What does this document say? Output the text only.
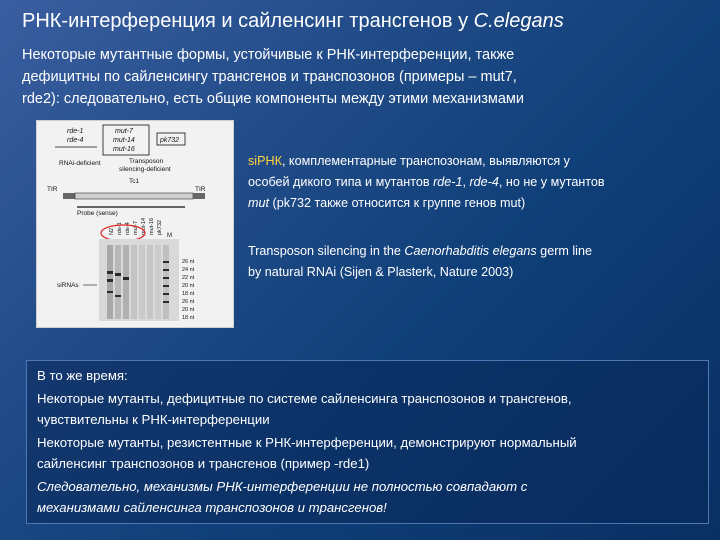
РНК-интерференция и сайленсинг трансгенов у C.elegans
Некоторые мутантные формы, устойчивые к РНК-интерференции, также
дефицитны по сайленсингу трансгенов и транспозонов (примеры – mut7,
rde2): следовательно, есть общие компоненты между этими механизмами
rde-1
rde-4
mut-7
mut-14
mut-16
pk732
RNAi-deficient	Transposon
silencing-deficient
TIR	TIR
Tc1
Probe (sense)
N2 rde-1 rde-4 mut-7 mut-14 mut-16 pk732
M
siRNAs
26 nt
24 nt
22 nt
20 nt
18 nt
26 nt
20 nt
18 nt
siРНК, комплементарные транспозонам, выявляются у
особей дикого типа и мутантов rde-1, rde-4, но не у мутантов
mut (pk732 также относится к группе генов mut)
Transposon silencing in the Caenorhabditis elegans germ line
by natural RNAi (Sijen & Plasterk, Nature 2003)
В то же время:
Некоторые мутанты, дефицитные по системе сайленсинга транспозонов и трансгенов,
чувствительны к РНК-интерференции
Некоторые мутанты, резистентные к РНК-интерференции, демонстрируют нормальный
сайленсинг транспозонов и трансгенов (пример -rde1)
Следовательно, механизмы РНК-интерференции не полностью совпадают с
механизмами сайленсинга транспозонов и трансгенов!
